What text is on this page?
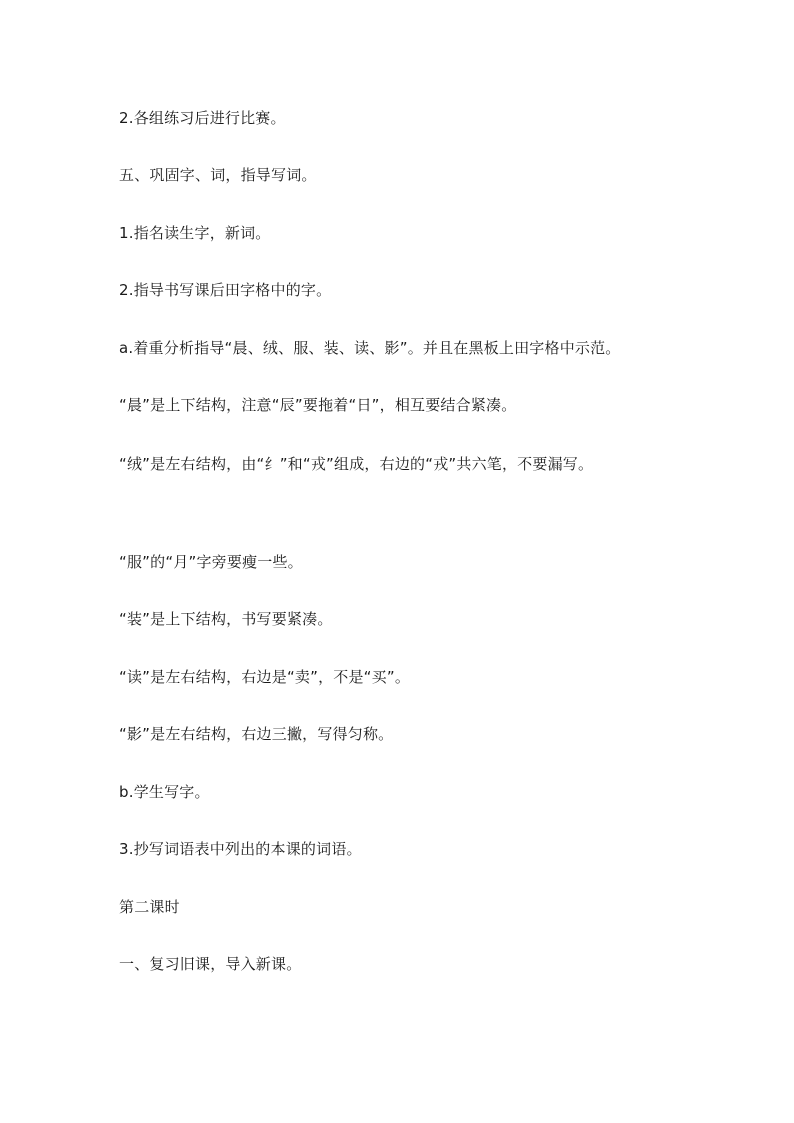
2.各组练习后进行比赛。
五、巩固字、词，指导写词。
1.指名读生字，新词。
2.指导书写课后田字格中的字。
a.着重分析指导“晨、绒、服、装、读、影”。并且在黑板上田字格中示范。
“晨”是上下结构，注意“辰”要拖着“日”，相互要结合紧凑。
“绒”是左右结构，由“纟”和“戎”组成，右边的“戎”共六笔，不要漏写。
“服”的“月”字旁要瘦一些。
“装”是上下结构，书写要紧凑。
“读”是左右结构，右边是“卖”，不是“买”。
“影”是左右结构，右边三撇，写得匀称。
b.学生写字。
3.抄写词语表中列出的本课的词语。
第二课时
一、复习旧课，导入新课。
